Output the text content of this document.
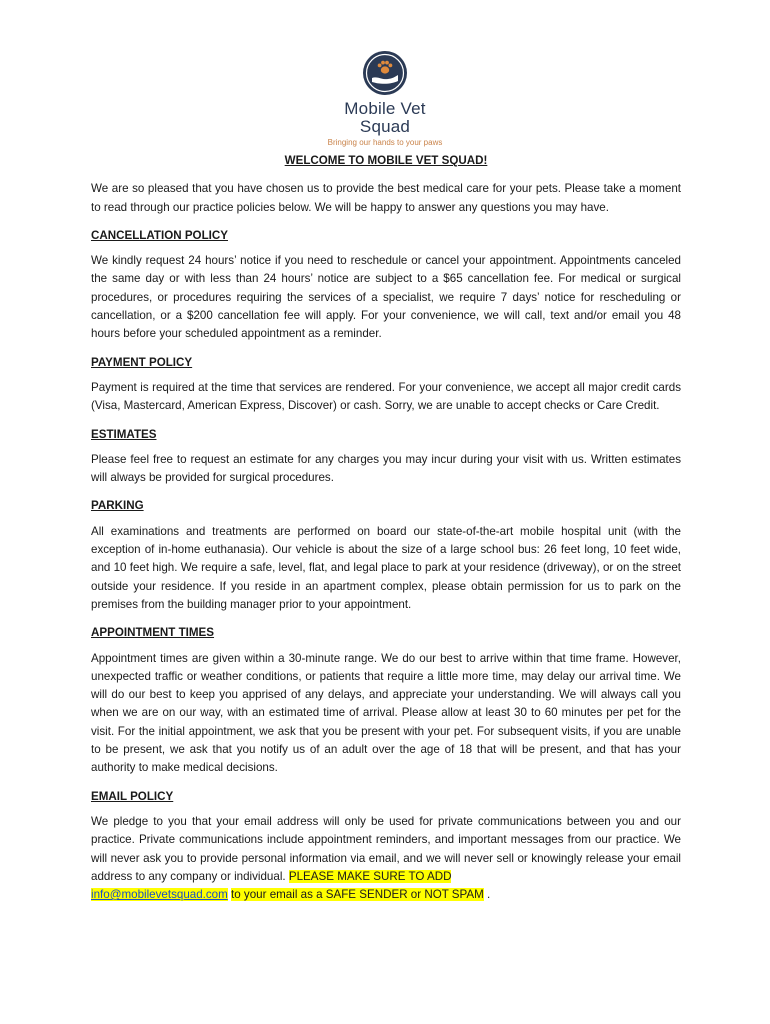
Mobile Vet Squad
Bringing our hands to your paws

WELCOME TO MOBILE VET SQUAD!

We are so pleased that you have chosen us to provide the best medical care for your pets. Please take a moment to read through our practice policies below. We will be happy to answer any questions you may have.

CANCELLATION POLICY

We kindly request 24 hours’ notice if you need to reschedule or cancel your appointment. Appointments canceled the same day or with less than 24 hours’ notice are subject to a $65 cancellation fee. For medical or surgical procedures, or procedures requiring the services of a specialist, we require 7 days’ notice for rescheduling or cancellation, or a $200 cancellation fee will apply. For your convenience, we will call, text and/or email you 48 hours before your scheduled appointment as a reminder.

PAYMENT POLICY

Payment is required at the time that services are rendered. For your convenience, we accept all major credit cards (Visa, Mastercard, American Express, Discover) or cash. Sorry, we are unable to accept checks or Care Credit.

ESTIMATES

Please feel free to request an estimate for any charges you may incur during your visit with us. Written estimates will always be provided for surgical procedures.

PARKING

All examinations and treatments are performed on board our state-of-the-art mobile hospital unit (with the exception of in-home euthanasia). Our vehicle is about the size of a large school bus: 26 feet long, 10 feet wide, and 10 feet high. We require a safe, level, flat, and legal place to park at your residence (driveway), or on the street outside your residence. If you reside in an apartment complex, please obtain permission for us to park on the premises from the building manager prior to your appointment.

APPOINTMENT TIMES

Appointment times are given within a 30-minute range. We do our best to arrive within that time frame. However, unexpected traffic or weather conditions, or patients that require a little more time, may delay our arrival time. We will do our best to keep you apprised of any delays, and appreciate your understanding. We will always call you when we are on our way, with an estimated time of arrival. Please allow at least 30 to 60 minutes per pet for the visit. For the initial appointment, we ask that you be present with your pet. For subsequent visits, if you are unable to be present, we ask that you notify us of an adult over the age of 18 that will be present, and that has your authority to make medical decisions.

EMAIL POLICY

We pledge to you that your email address will only be used for private communications between you and our practice. Private communications include appointment reminders, and important messages from our practice. We will never ask you to provide personal information via email, and we will never sell or knowingly release your email address to any company or individual. PLEASE MAKE SURE TO ADD
info@mobilevetsquad.com to your email as a SAFE SENDER or NOT SPAM .
